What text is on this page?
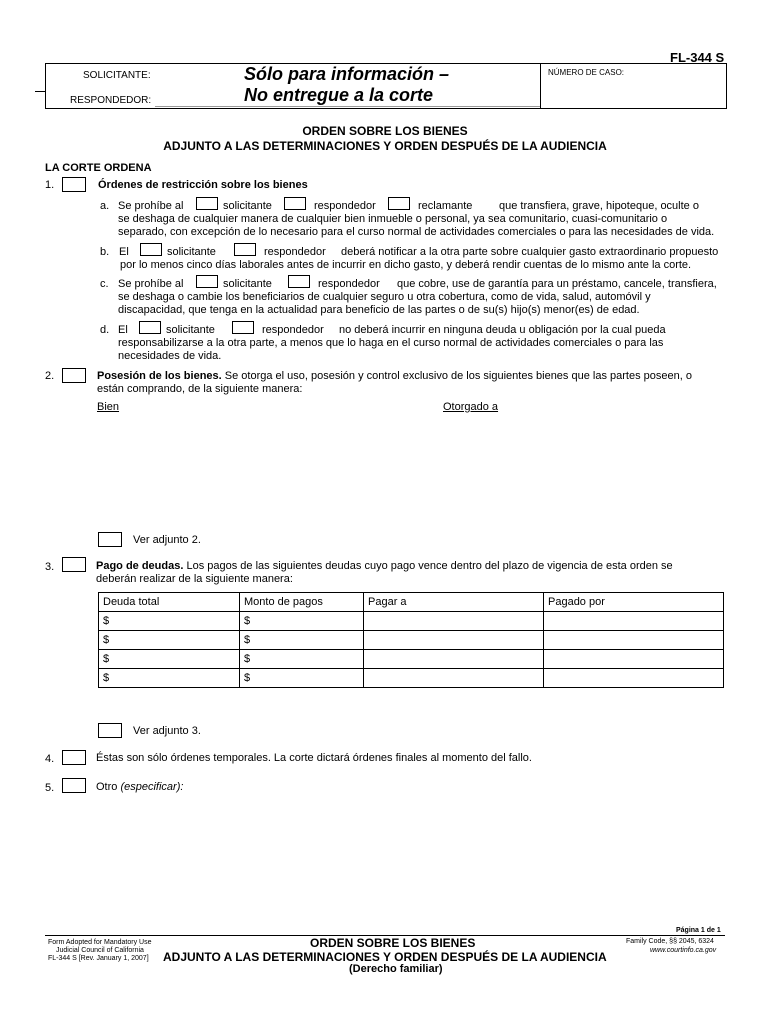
FL-344 S
SOLICITANTE:
RESPONDEDOR:
Sólo para información –
No entregue a la corte
NÚMERO DE CASO:
ORDEN SOBRE LOS BIENES
ADJUNTO A LAS DETERMINACIONES Y ORDEN DESPUÉS DE LA AUDIENCIA
LA CORTE ORDENA
1.	Órdenes de restricción sobre los bienes
a. Se prohíbe al	solicitante	respondedor	reclamante que transfiera, grave, hipoteque, oculte o
se deshaga de cualquier manera de cualquier bien inmueble o personal, ya sea comunitario, cuasi-comunitario o
separado, con excepción de lo necesario para el curso normal de actividades comerciales o para las necesidades de vida.
b. El	solicitante	respondedor deberá notificar a la otra parte sobre cualquier gasto extraordinario propuesto
por lo menos cinco días laborales antes de incurrir en dicho gasto, y deberá rendir cuentas de lo mismo ante la corte.
c. Se prohíbe al	solicitante	respondedor que cobre, use de garantía para un préstamo, cancele, transfiera,
se deshaga o cambie los beneficiarios de cualquier seguro u otra cobertura, como de vida, salud, automóvil y
discapacidad, que tenga en la actualidad para beneficio de las partes o de su(s) hijo(s) menor(es) de edad.
d. El	solicitante	respondedor no deberá incurrir en ninguna deuda u obligación por la cual pueda
responsabilizarse a la otra parte, a menos que lo haga en el curso normal de actividades comerciales o para las
necesidades de vida.
2.	Posesión de los bienes. Se otorga el uso, posesión y control exclusivo de los siguientes bienes que las partes poseen, o
están comprando, de la siguiente manera:
Bien	Otorgado a
Ver adjunto 2.
3.	Pago de deudas. Los pagos de las siguientes deudas cuyo pago vence dentro del plazo de vigencia de esta orden se
deberán realizar de la siguiente manera:
Deuda total	Monto de pagos	Pagar a	Pagado por
$	$		
$	$		
$	$		
$	$		
Ver adjunto 3.
4.	Éstas son sólo órdenes temporales. La corte dictará órdenes finales al momento del fallo.
5.	Otro (especificar):
Página 1 de 1
Form Adopted for Mandatory Use
Judicial Council of California
FL-344 S [Rev. January 1, 2007]
ORDEN SOBRE LOS BIENES
ADJUNTO A LAS DETERMINACIONES Y ORDEN DESPUÉS DE LA AUDIENCIA
(Derecho familiar)
Family Code, §§ 2045, 6324
www.courtinfo.ca.gov
